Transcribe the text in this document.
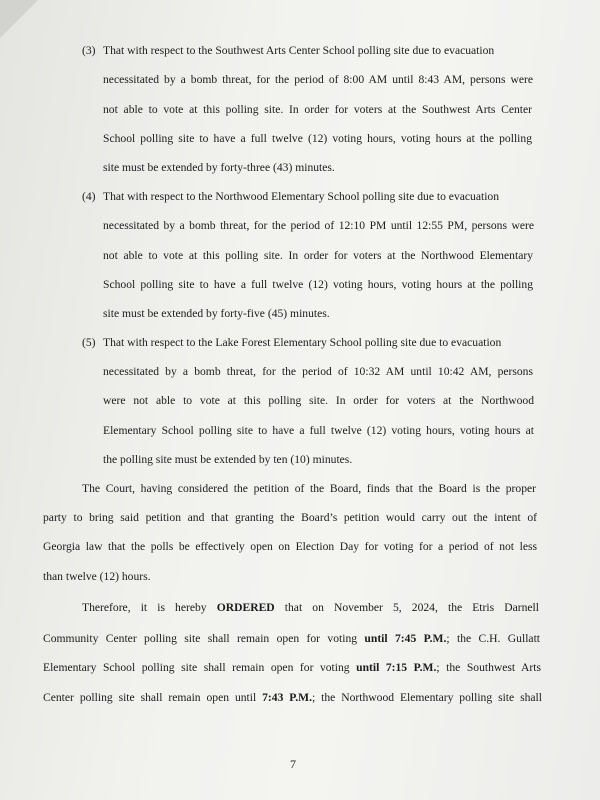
(3) That with respect to the Southwest Arts Center School polling site due to evacuation
necessitated by a bomb threat, for the period of 8:00 AM until 8:43 AM, persons were
not able to vote at this polling site. In order for voters at the Southwest Arts Center
School polling site to have a full twelve (12) voting hours, voting hours at the polling
site must be extended by forty-three (43) minutes.
(4) That with respect to the Northwood Elementary School polling site due to evacuation
necessitated by a bomb threat, for the period of 12:10 PM until 12:55 PM, persons were
not able to vote at this polling site. In order for voters at the Northwood Elementary
School polling site to have a full twelve (12) voting hours, voting hours at the polling
site must be extended by forty-five (45) minutes.
(5) That with respect to the Lake Forest Elementary School polling site due to evacuation
necessitated by a bomb threat, for the period of 10:32 AM until 10:42 AM, persons
were not able to vote at this polling site. In order for voters at the Northwood
Elementary School polling site to have a full twelve (12) voting hours, voting hours at
the polling site must be extended by ten (10) minutes.
The Court, having considered the petition of the Board, finds that the Board is the proper
party to bring said petition and that granting the Board’s petition would carry out the intent of
Georgia law that the polls be effectively open on Election Day for voting for a period of not less
than twelve (12) hours.
Therefore, it is hereby ORDERED that on November 5, 2024, the Etris Darnell
Community Center polling site shall remain open for voting until 7:45 P.M.; the C.H. Gullatt
Elementary School polling site shall remain open for voting until 7:15 P.M.; the Southwest Arts
Center polling site shall remain open until 7:43 P.M.; the Northwood Elementary polling site shall
7
